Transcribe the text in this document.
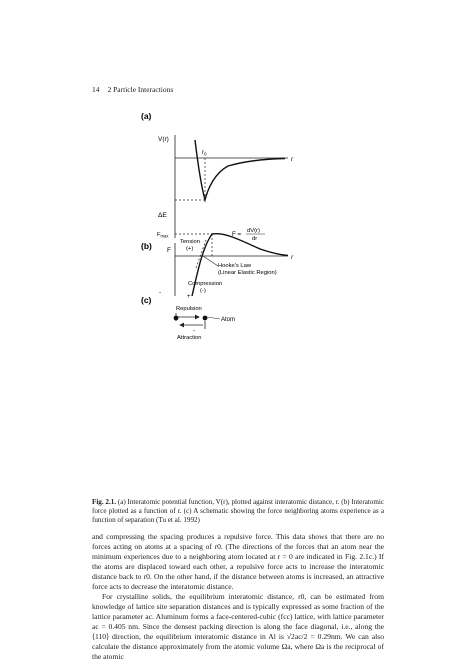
14 2 Particle Interactions
(a)
V(r)
r
$r_0$
ΔE
(b) F
r
$F_{max}$
Tension
(+)
F = dV(r)
dr
Hooke's Law
(Linear Elastic Region)
Compression
(-)
-
(c)	+
Repulsion
-
Attraction
Atom
Fig. 2.1. (a) Interatomic potential function, V(r), plotted against interatomic distance, r. (b) Interatomic force plotted as a function of r. (c) A schematic showing the force neighboring atoms experience as a function of separation (Tu et al. 1992)

and compressing the spacing produces a repulsive force. This data shows that there are no forces acting on atoms at a spacing of r0. (The directions of the forces that an atom near the minimum experiences due to a neighboring atom located at r = 0 are indicated in Fig. 2.1c.) If the atoms are displaced toward each other, a repulsive force acts to increase the interatomic distance back to r0. On the other hand, if the distance between atoms is increased, an attractive force acts to decrease the interatomic distance.

For crystalline solids, the equilibrium interatomic distance, r0, can be estimated from knowledge of lattice site separation distances and is typically expressed as some fraction of the lattice parameter ac. Aluminum forms a face-centered-cubic (fcc) lattice, with lattice parameter ac = 0.405 nm. Since the densest packing direction is along the face diagonal, i.e., along the ⟨110⟩ direction, the equilibrium interatomic distance in Al is √2ac/2 = 0.29nm. We can also calculate the distance approximately from the atomic volume Ωa, where Ωa is the reciprocal of the atomic
